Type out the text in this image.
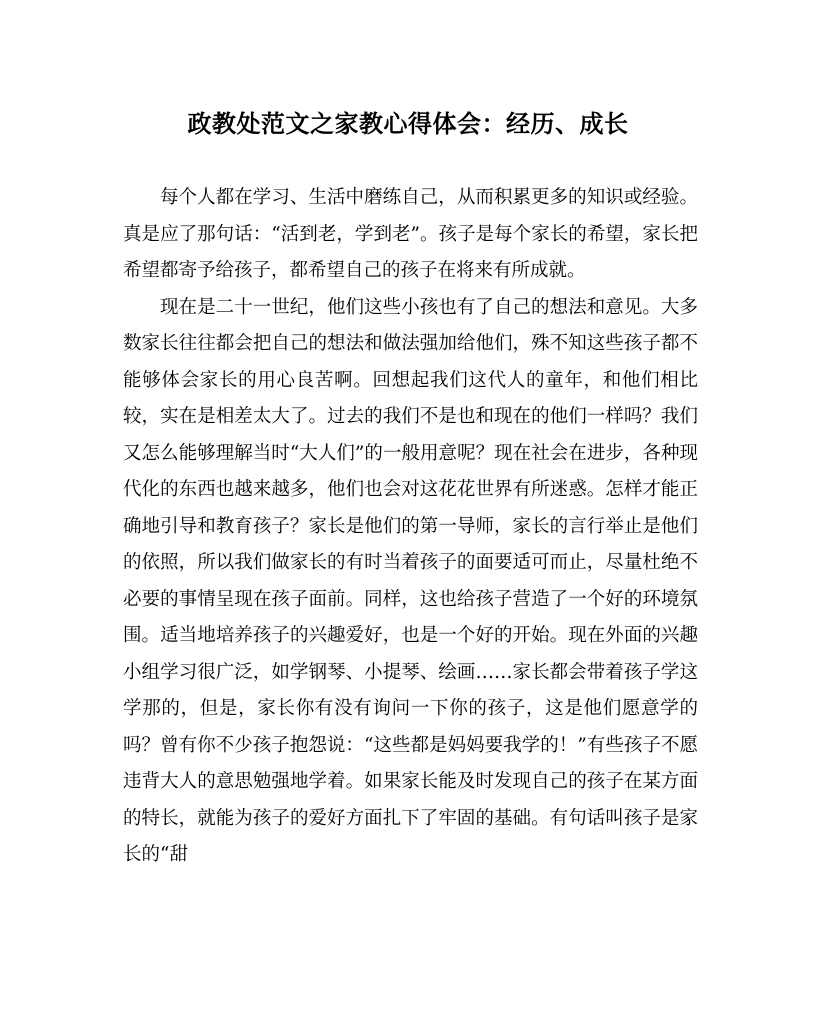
政教处范文之家教心得体会：经历、成长

每个人都在学习、生活中磨练自己，从而积累更多的知识或经验。真是应了那句话：“活到老，学到老”。孩子是每个家长的希望，家长把希望都寄予给孩子，都希望自己的孩子在将来有所成就。

现在是二十一世纪，他们这些小孩也有了自己的想法和意见。大多数家长往往都会把自己的想法和做法强加给他们，殊不知这些孩子都不能够体会家长的用心良苦啊。回想起我们这代人的童年，和他们相比较，实在是相差太大了。过去的我们不是也和现在的他们一样吗？我们又怎么能够理解当时“大人们”的一般用意呢？现在社会在进步，各种现代化的东西也越来越多，他们也会对这花花世界有所迷惑。怎样才能正确地引导和教育孩子？家长是他们的第一导师，家长的言行举止是他们的依照，所以我们做家长的有时当着孩子的面要适可而止，尽量杜绝不必要的事情呈现在孩子面前。同样，这也给孩子营造了一个好的环境氛围。适当地培养孩子的兴趣爱好，也是一个好的开始。现在外面的兴趣小组学习很广泛，如学钢琴、小提琴、绘画……家长都会带着孩子学这学那的，但是，家长你有没有询问一下你的孩子，这是他们愿意学的吗？曾有你不少孩子抱怨说：“这些都是妈妈要我学的！”有些孩子不愿违背大人的意思勉强地学着。如果家长能及时发现自己的孩子在某方面的特长，就能为孩子的爱好方面扎下了牢固的基础。有句话叫孩子是家长的“甜
